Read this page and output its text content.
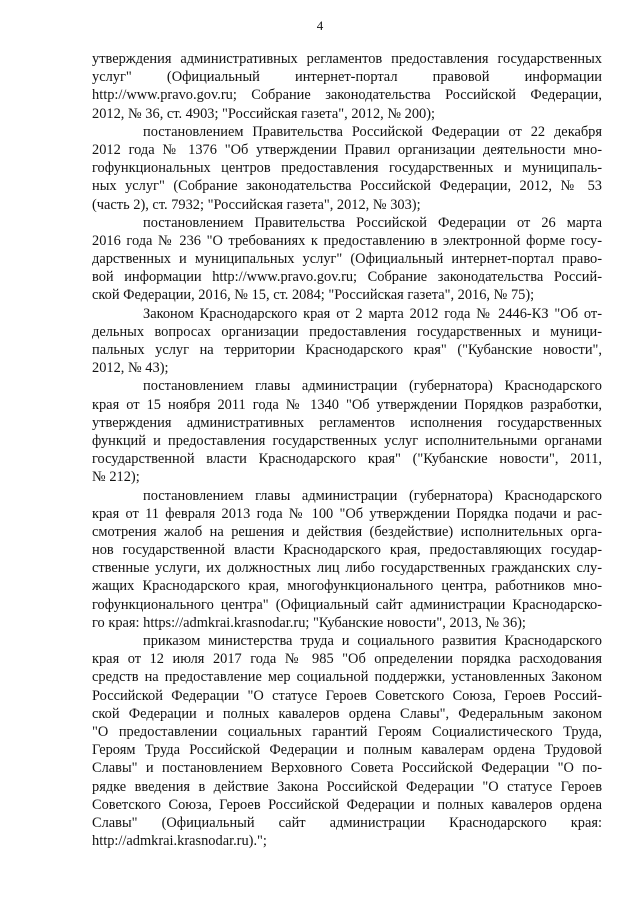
4
утверждения административных регламентов предоставления государственных
услуг" (Официальный интернет-портал правовой информации
http://www.pravo.gov.ru; Собрание законодательства Российской Федерации,
2012, № 36, ст. 4903; "Российская газета", 2012, № 200);
постановлением Правительства Российской Федерации от 22 декабря
2012 года № 1376 "Об утверждении Правил организации деятельности мно-
гофункциональных центров предоставления государственных и муниципаль-
ных услуг" (Собрание законодательства Российской Федерации, 2012, № 53
(часть 2), ст. 7932; "Российская газета", 2012, № 303);
постановлением Правительства Российской Федерации от 26 марта
2016 года № 236 "О требованиях к предоставлению в электронной форме госу-
дарственных и муниципальных услуг" (Официальный интернет-портал право-
вой информации http://www.pravo.gov.ru; Собрание законодательства Россий-
ской Федерации, 2016, № 15, ст. 2084; "Российская газета", 2016, № 75);
Законом Краснодарского края от 2 марта 2012 года № 2446-КЗ "Об от-
дельных вопросах организации предоставления государственных и муници-
пальных услуг на территории Краснодарского края" ("Кубанские новости",
2012, № 43);
постановлением главы администрации (губернатора) Краснодарского
края от 15 ноября 2011 года № 1340 "Об утверждении Порядков разработки,
утверждения административных регламентов исполнения государственных
функций и предоставления государственных услуг исполнительными органами
государственной власти Краснодарского края" ("Кубанские новости", 2011,
№ 212);
постановлением главы администрации (губернатора) Краснодарского
края от 11 февраля 2013 года № 100 "Об утверждении Порядка подачи и рас-
смотрения жалоб на решения и действия (бездействие) исполнительных орга-
нов государственной власти Краснодарского края, предоставляющих государ-
ственные услуги, их должностных лиц либо государственных гражданских слу-
жащих Краснодарского края, многофункционального центра, работников мно-
гофункционального центра" (Официальный сайт администрации Краснодарско-
го края: https://admkrai.krasnodar.ru; "Кубанские новости", 2013, № 36);
приказом министерства труда и социального развития Краснодарского
края от 12 июля 2017 года № 985 "Об определении порядка расходования
средств на предоставление мер социальной поддержки, установленных Законом
Российской Федерации "О статусе Героев Советского Союза, Героев Россий-
ской Федерации и полных кавалеров ордена Славы", Федеральным законом
"О предоставлении социальных гарантий Героям Социалистического Труда,
Героям Труда Российской Федерации и полным кавалерам ордена Трудовой
Славы" и постановлением Верховного Совета Российской Федерации "О по-
рядке введения в действие Закона Российской Федерации "О статусе Героев
Советского Союза, Героев Российской Федерации и полных кавалеров ордена
Славы" (Официальный сайт администрации Краснодарского края:
http://admkrai.krasnodar.ru).";
